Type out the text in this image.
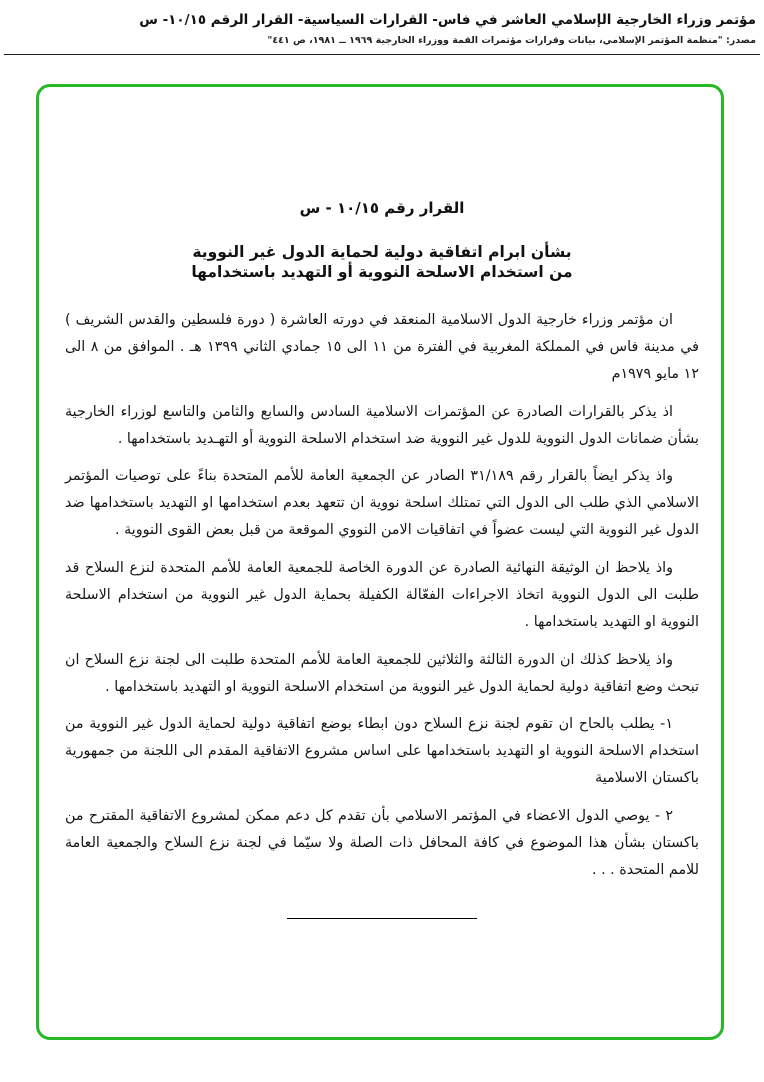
مؤتمر وزراء الخارجية الإسلامي العاشر في فاس- القرارات السياسية- القرار الرقم ١٠/١٥- س
مصدر: "منظمة المؤتمر الإسلامي، بيانات وقرارات مؤتمرات القمة ووزراء الخارجية ١٩٦٩ ــ ١٩٨١، ص ٤٤١"
القرار رقم ١٠/١٥ - س
بشأن ابرام اتفاقية دولية لحماية الدول غير النووية
من استخدام الاسلحة النووية أو التهديد باستخدامها

ان مؤتمر وزراء خارجية الدول الاسلامية المنعقد في دورته العاشرة ( دورة فلسطين والقدس الشريف ) في مدينة فاس في المملكة المغربية في الفترة من ١١ الى ١٥ جمادي الثاني ١٣٩٩ هـ . الموافق من ٨ الى ١٢ مايو ١٩٧٩م

اذ يذكر بالقرارات الصادرة عن المؤتمرات الاسلامية السادس والسابع والثامن والتاسع لوزراء الخارجية بشأن ضمانات الدول النووية للدول غير النووية ضد استخدام الاسلحة النووية أو التهـديد باستخدامها .

واذ يذكر ايضاً بالقرار رقم ٣١/١٨٩ الصادر عن الجمعية العامة للأمم المتحدة بناءً على توصيات المؤتمر الاسلامي الذي طلب الى الدول التي تمتلك اسلحة نووية ان تتعهد بعدم استخدامها او التهديد باستخدامها ضد الدول غير النووية التي ليست عضواً في اتفاقيات الامن النووي الموقعة من قبل بعض القوى النووية .

واذ يلاحظ ان الوثيقة النهائية الصادرة عن الدورة الخاصة للجمعية العامة للأمم المتحدة لنزع السلاح قد طلبت الى الدول النووية اتخاذ الاجراءات الفعّالة الكفيلة بحماية الدول غير النووية من استخدام الاسلحة النووية او التهديد باستخدامها .

واذ يلاحظ كذلك ان الدورة الثالثة والثلاثين للجمعية العامة للأمم المتحدة طلبت الى لجنة نزع السلاح ان تبحث وضع اتفاقية دولية لحماية الدول غير النووية من استخدام الاسلحة النووية او التهديد باستخدامها .

١- يطلب بالحاح ان تقوم لجنة نزع السلاح دون ابطاء بوضع اتفاقية دولية لحماية الدول غير النووية من استخدام الاسلحة النووية او التهديد باستخدامها على اساس مشروع الاتفاقية المقدم الى اللجنة من جمهورية باكستان الاسلامية

٢ - يوصي الدول الاعضاء في المؤتمر الاسلامي بأن تقدم كل دعم ممكن لمشروع الاتفاقية المقترح من باكستان بشأن هذا الموضوع في كافة المحافل ذات الصلة ولا سيّما في لجنة نزع السلاح والجمعية العامة للامم المتحدة . . .
